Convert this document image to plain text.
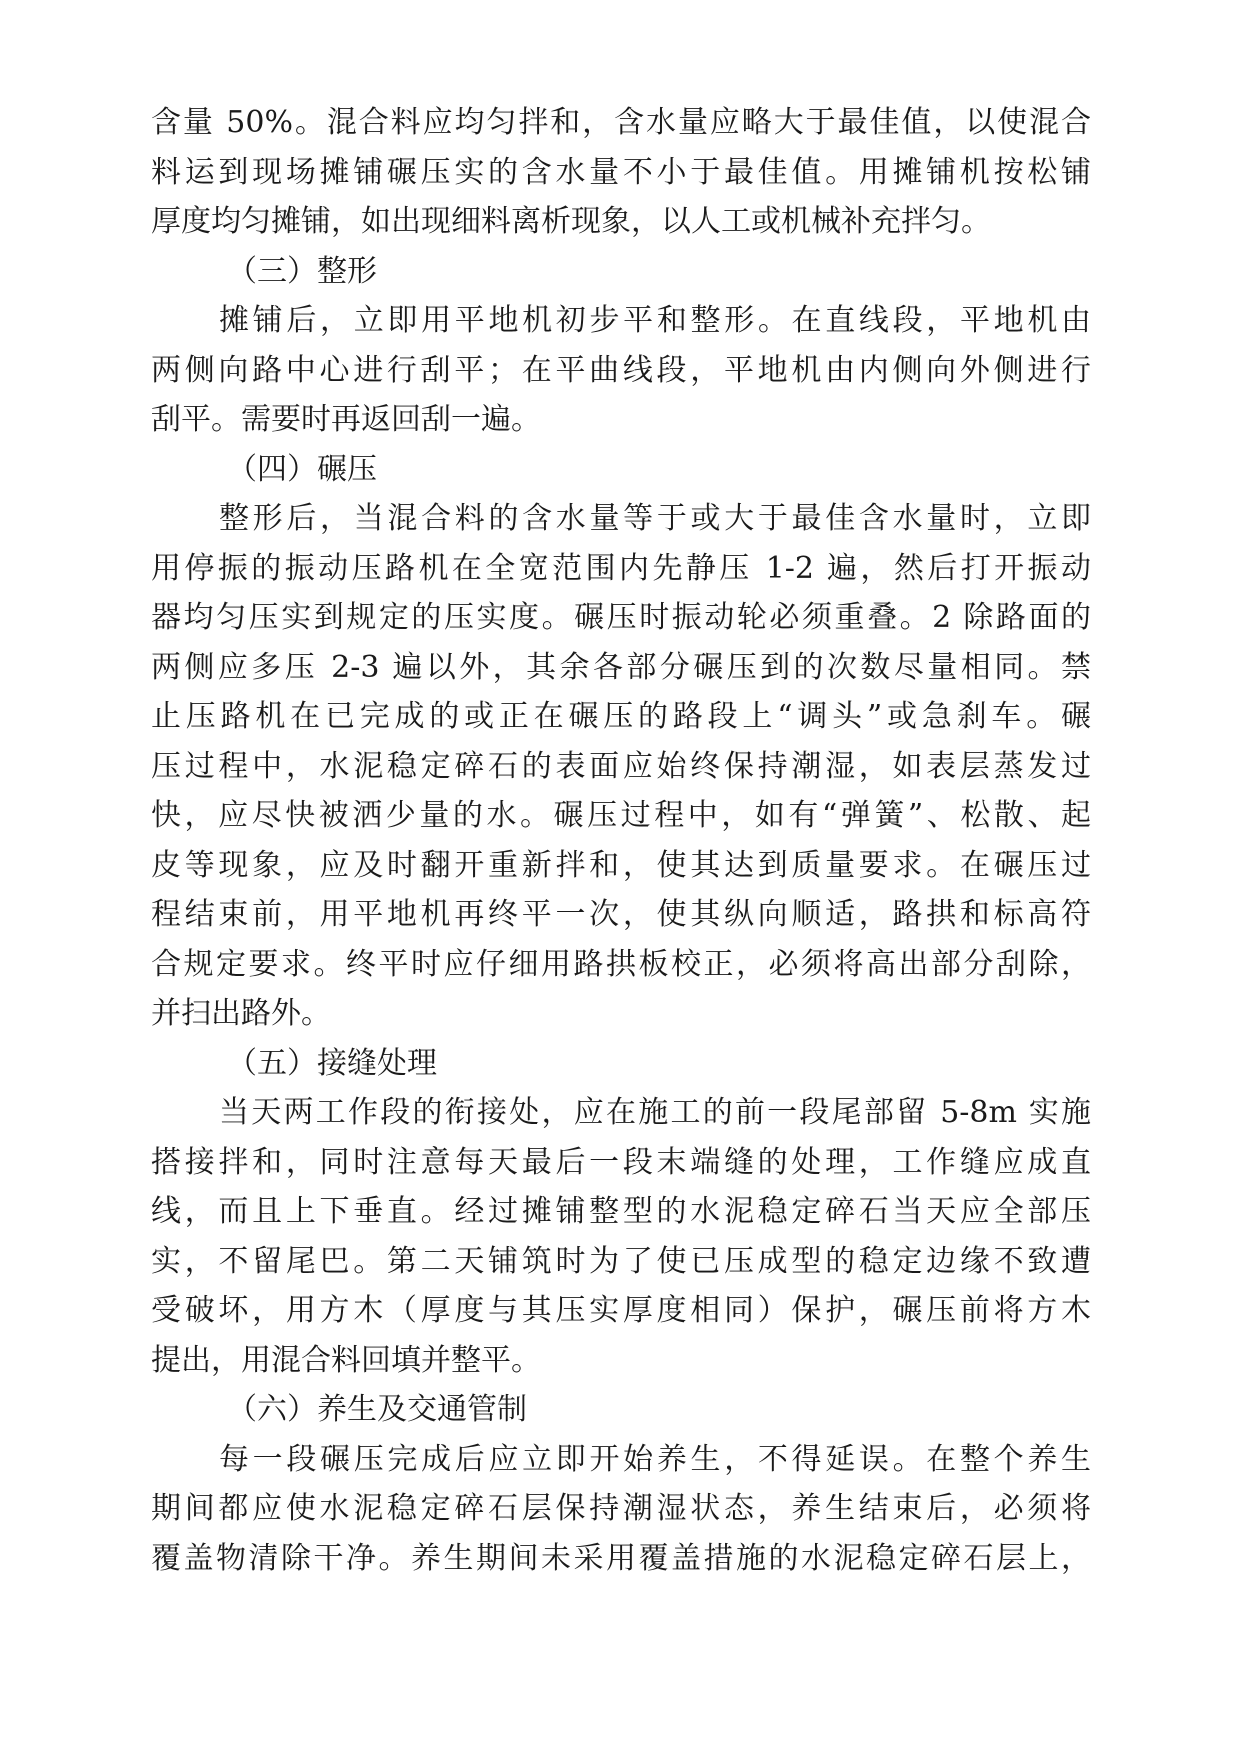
含量 50%。混合料应均匀拌和，含水量应略大于最佳值，以使混合
料运到现场摊铺碾压实的含水量不小于最佳值。用摊铺机按松铺
厚度均匀摊铺，如出现细料离析现象，以人工或机械补充拌匀。
（三）整形
摊铺后，立即用平地机初步平和整形。在直线段，平地机由
两侧向路中心进行刮平；在平曲线段，平地机由内侧向外侧进行
刮平。需要时再返回刮一遍。
（四）碾压
整形后，当混合料的含水量等于或大于最佳含水量时，立即
用停振的振动压路机在全宽范围内先静压 1-2 遍，然后打开振动
器均匀压实到规定的压实度。碾压时振动轮必须重叠。2 除路面的
两侧应多压 2-3 遍以外，其余各部分碾压到的次数尽量相同。禁
止压路机在已完成的或正在碾压的路段上“调头”或急刹车。碾
压过程中，水泥稳定碎石的表面应始终保持潮湿，如表层蒸发过
快，应尽快被洒少量的水。碾压过程中，如有“弹簧”、松散、起
皮等现象，应及时翻开重新拌和，使其达到质量要求。在碾压过
程结束前，用平地机再终平一次，使其纵向顺适，路拱和标高符
合规定要求。终平时应仔细用路拱板校正，必须将高出部分刮除，
并扫出路外。
（五）接缝处理
当天两工作段的衔接处，应在施工的前一段尾部留 5-8m 实施
搭接拌和，同时注意每天最后一段末端缝的处理，工作缝应成直
线，而且上下垂直。经过摊铺整型的水泥稳定碎石当天应全部压
实，不留尾巴。第二天铺筑时为了使已压成型的稳定边缘不致遭
受破坏，用方木（厚度与其压实厚度相同）保护，碾压前将方木
提出，用混合料回填并整平。
（六）养生及交通管制
每一段碾压完成后应立即开始养生，不得延误。在整个养生
期间都应使水泥稳定碎石层保持潮湿状态，养生结束后，必须将
覆盖物清除干净。养生期间未采用覆盖措施的水泥稳定碎石层上，
